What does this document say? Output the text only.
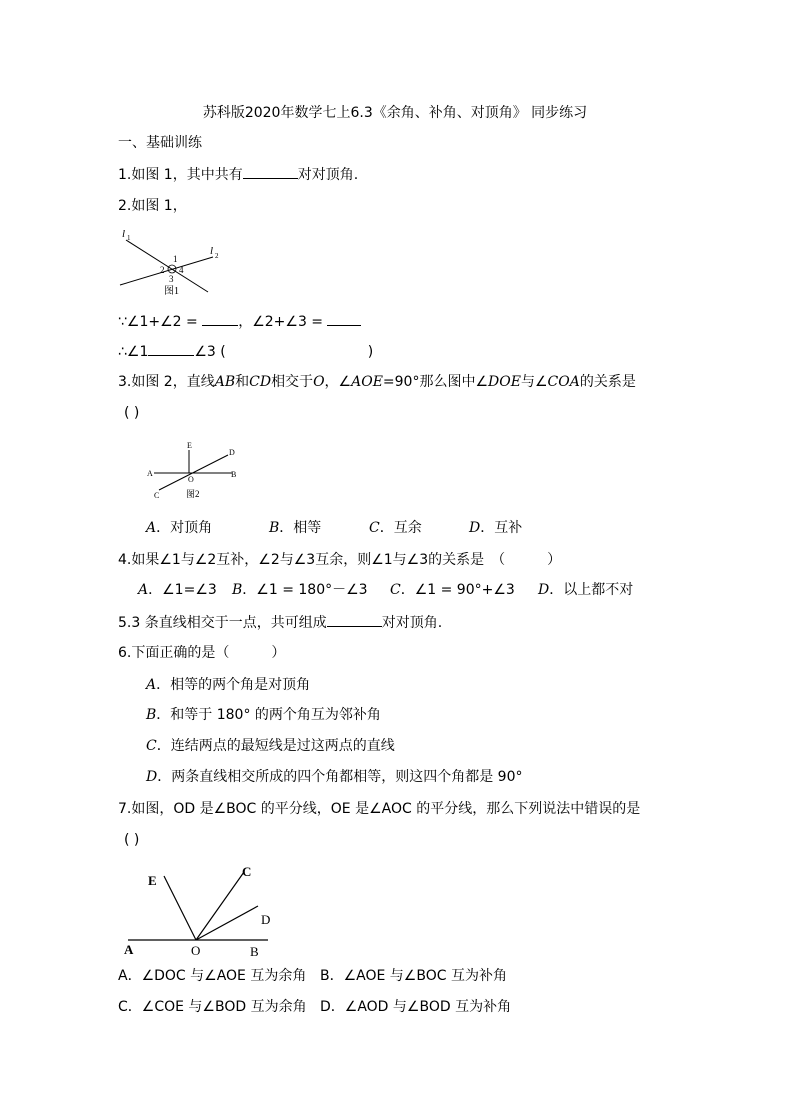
苏科版2020年数学七上6.3《余角、补角、对顶角》 同步练习
一、基础训练
1.如图 1，其中共有	对对顶角.
2.如图 1，
l 1
l 2
1
2
3
4
图1
∵∠1+∠2 =	，∠2+∠3 =
∴∠1	∠3 (	)
3.如图 2，直线AB和CD相交于O，∠AOE=90°那么图中∠DOE与∠COA的关系是
( )
E
D
A	B
O
C	图2
A．对顶角	B．相等	C．互余	D．互补
4.如果∠1与∠2互补，∠2与∠3互余，则∠1与∠3的关系是　（　　　）
A．∠1=∠3 B．∠1 = 180°－∠3 C．∠1 = 90°+∠3 D．以上都不对
5.3 条直线相交于一点，共可组成	对对顶角.
6.下面正确的是（　　　）
A．相等的两个角是对顶角
B．和等于 180° 的两个角互为邻补角
C．连结两点的最短线是过这两点的直线
D．两条直线相交所成的四个角都相等，则这四个角都是 90°
7.如图，OD 是∠BOC 的平分线，OE 是∠AOC 的平分线，那么下列说法中错误的是
( )
E
C
D
A	O	B
A．∠DOC 与∠AOE 互为余角 B．∠AOE 与∠BOC 互为补角
C．∠COE 与∠BOD 互为余角 D．∠AOD 与∠BOD 互为补角
